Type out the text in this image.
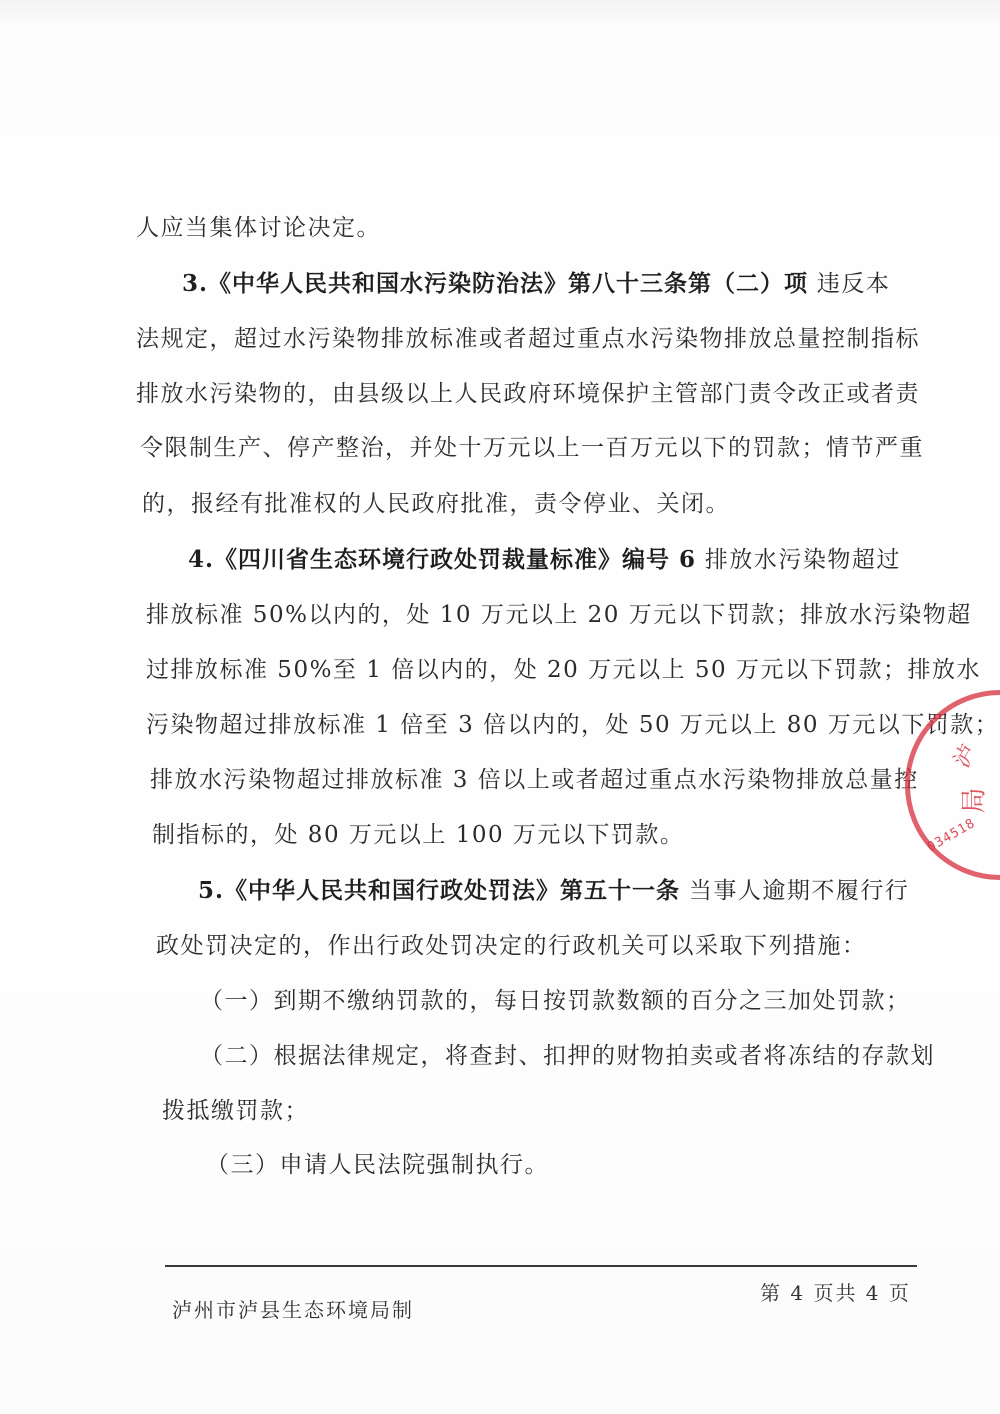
人应当集体讨论决定。
3.《中华人民共和国水污染防治法》第八十三条第（二）项 违反本
法规定，超过水污染物排放标准或者超过重点水污染物排放总量控制指标
排放水污染物的，由县级以上人民政府环境保护主管部门责令改正或者责
令限制生产、停产整治，并处十万元以上一百万元以下的罚款；情节严重
的，报经有批准权的人民政府批准，责令停业、关闭。
4.《四川省生态环境行政处罚裁量标准》编号 6 排放水污染物超过
排放标准 50%以内的，处 10 万元以上 20 万元以下罚款；排放水污染物超
过排放标准 50%至 1 倍以内的，处 20 万元以上 50 万元以下罚款；排放水
污染物超过排放标准 1 倍至 3 倍以内的，处 50 万元以上 80 万元以下罚款；
排放水污染物超过排放标准 3 倍以上或者超过重点水污染物排放总量控
制指标的，处 80 万元以上 100 万元以下罚款。
5.《中华人民共和国行政处罚法》第五十一条 当事人逾期不履行行
政处罚决定的，作出行政处罚决定的行政机关可以采取下列措施：
（一）到期不缴纳罚款的，每日按罚款数额的百分之三加处罚款；
（二）根据法律规定，将查封、扣押的财物拍卖或者将冻结的存款划
拨抵缴罚款；
（三）申请人民法院强制执行。
第 4 页共 4 页
泸州市泸县生态环境局制
泸
局
034518
